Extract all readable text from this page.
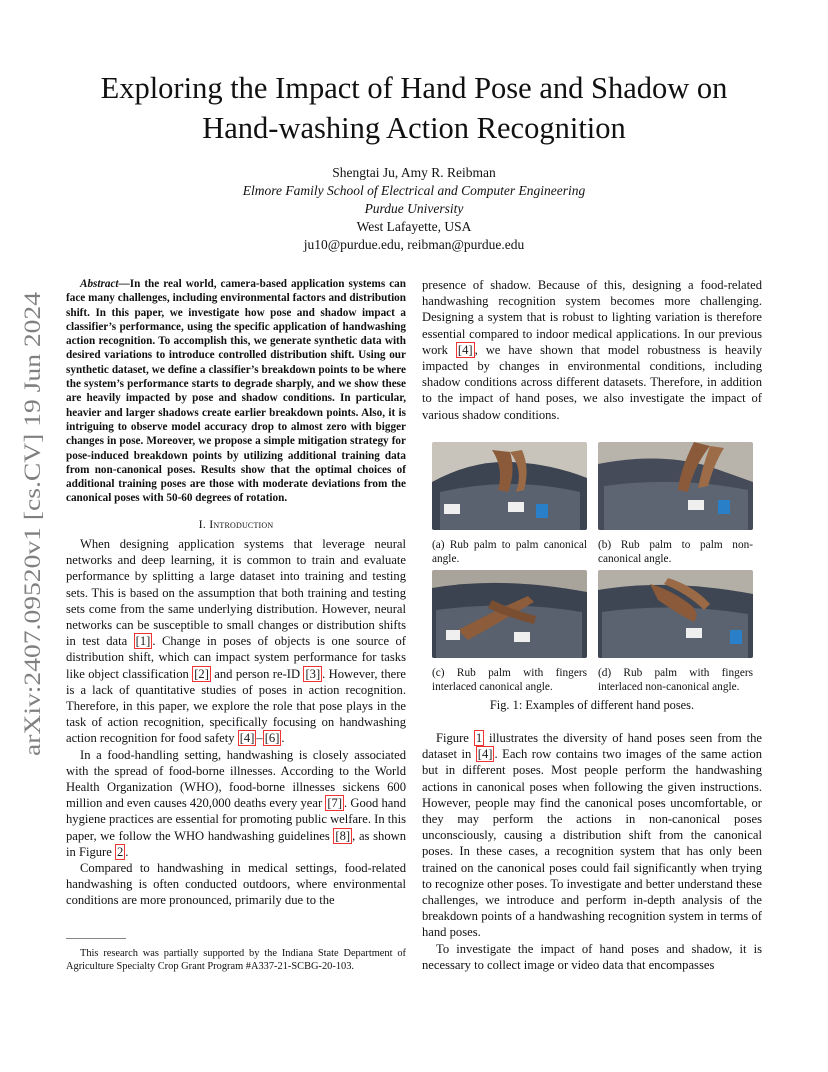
arXiv:2407.09520v1 [cs.CV] 19 Jun 2024
Exploring the Impact of Hand Pose and Shadow on
Hand-washing Action Recognition
Shengtai Ju, Amy R. Reibman
Elmore Family School of Electrical and Computer Engineering
Purdue University
West Lafayette, USA
ju10@purdue.edu, reibman@purdue.edu

Abstract—In the real world, camera-based application systems can face many challenges, including environmental factors and distribution shift. In this paper, we investigate how pose and shadow impact a classifier’s performance, using the specific application of handwashing action recognition. To accomplish this, we generate synthetic data with desired variations to introduce controlled distribution shift. Using our synthetic dataset, we define a classifier’s breakdown points to be where the system’s performance starts to degrade sharply, and we show these are heavily impacted by pose and shadow conditions. In particular, heavier and larger shadows create earlier breakdown points. Also, it is intriguing to observe model accuracy drop to almost zero with bigger changes in pose. Moreover, we propose a simple mitigation strategy for pose-induced breakdown points by utilizing additional training data from non-canonical poses. Results show that the optimal choices of additional training poses are those with moderate deviations from the canonical poses with 50-60 degrees of rotation.

I. Introduction

When designing application systems that leverage neural networks and deep learning, it is common to train and evaluate performance by splitting a large dataset into training and testing sets. This is based on the assumption that both training and testing sets come from the same underlying distribution. However, neural networks can be susceptible to small changes or distribution shifts in test data [1] . Change in poses of objects is one source of distribution shift, which can impact system performance for tasks like object classification [2] and person re-ID [3] . However, there is a lack of quantitative studies of poses in action recognition. Therefore, in this paper, we explore the role that pose plays in the task of action recognition, specifically focusing on handwashing action recognition for food safety [4] – [6] .

In a food-handling setting, handwashing is closely associated with the spread of food-borne illnesses. According to the World Health Organization (WHO), food-borne illnesses sickens 600 million and even causes 420,000 deaths every year [7] . Good hand hygiene practices are essential for promoting public welfare. In this paper, we follow the WHO handwashing guidelines [8] , as shown in Figure 2 .

Compared to handwashing in medical settings, food-related handwashing is often conducted outdoors, where environmental conditions are more pronounced, primarily due to the

This research was partially supported by the Indiana State Department of Agriculture Specialty Crop Grant Program #A337-21-SCBG-20-103.

presence of shadow. Because of this, designing a food-related handwashing recognition system becomes more challenging. Designing a system that is robust to lighting variation is therefore essential compared to indoor medical applications. In our previous work [4] , we have shown that model robustness is heavily impacted by changes in environmental conditions, including shadow conditions across different datasets. Therefore, in addition to the impact of hand poses, we also investigate the impact of various shadow conditions.

(a) Rub palm to palm canonical angle.
(b) Rub palm to palm non-canonical angle.
(c) Rub palm with fingers interlaced canonical angle.
(d) Rub palm with fingers interlaced non-canonical angle.
Fig. 1: Examples of different hand poses.

Figure 1 illustrates the diversity of hand poses seen from the dataset in [4] . Each row contains two images of the same action but in different poses. Most people perform the handwashing actions in canonical poses when following the given instructions. However, people may find the canonical poses uncomfortable, or they may perform the actions in non-canonical poses unconsciously, causing a distribution shift from the canonical poses. In these cases, a recognition system that has only been trained on the canonical poses could fail significantly when trying to recognize other poses. To investigate and better understand these challenges, we introduce and perform in-depth analysis of the breakdown points of a handwashing recognition system in terms of hand poses.

To investigate the impact of hand poses and shadow, it is necessary to collect image or video data that encompasses
